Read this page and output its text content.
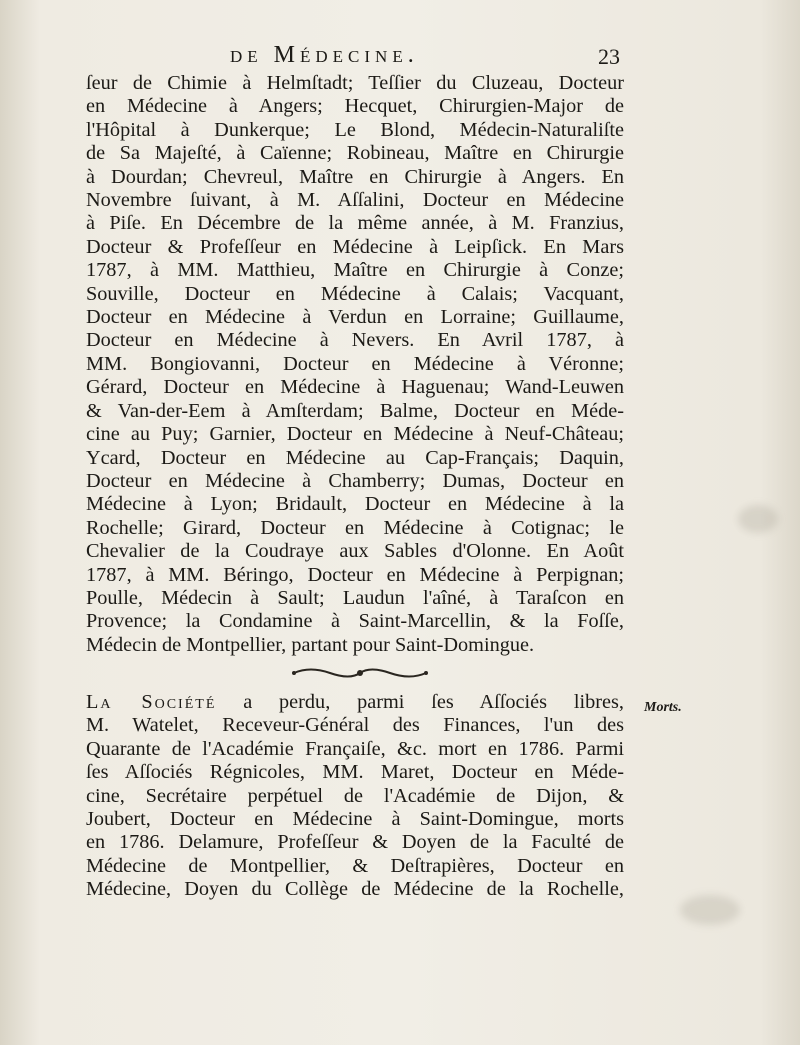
de Médecine.	23
ſeur de Chimie à Helmſtadt; Teſſier du Cluzeau, Docteur
en Médecine à Angers; Hecquet, Chirurgien-Major de
l'Hôpital à Dunkerque; Le Blond, Médecin-Naturaliſte
de Sa Majeſté, à Caïenne; Robineau, Maître en Chirurgie
à Dourdan; Chevreul, Maître en Chirurgie à Angers. En
Novembre ſuivant, à M. Aſſalini, Docteur en Médecine
à Piſe. En Décembre de la même année, à M. Franzius,
Docteur & Profeſſeur en Médecine à Leipſick. En Mars
1787, à MM. Matthieu, Maître en Chirurgie à Conze;
Souville, Docteur en Médecine à Calais; Vacquant,
Docteur en Médecine à Verdun en Lorraine; Guillaume,
Docteur en Médecine à Nevers. En Avril 1787, à
MM. Bongiovanni, Docteur en Médecine à Véronne;
Gérard, Docteur en Médecine à Haguenau; Wand-Leuwen
& Van-der-Eem à Amſterdam; Balme, Docteur en Méde-
cine au Puy; Garnier, Docteur en Médecine à Neuf-Château;
Ycard, Docteur en Médecine au Cap-Français; Daquin,
Docteur en Médecine à Chamberry; Dumas, Docteur en
Médecine à Lyon; Bridault, Docteur en Médecine à la
Rochelle; Girard, Docteur en Médecine à Cotignac; le
Chevalier de la Coudraye aux Sables d'Olonne. En Août
1787, à MM. Béringo, Docteur en Médecine à Perpignan;
Poulle, Médecin à Sault; Laudun l'aîné, à Taraſcon en
Provence; la Condamine à Saint-Marcellin, & la Foſſe,
Médecin de Montpellier, partant pour Saint-Domingue.
La Société a perdu, parmi ſes Aſſociés libres,
M. Watelet, Receveur-Général des Finances, l'un des
Quarante de l'Académie Françaiſe, &c. mort en 1786. Parmi
ſes Aſſociés Régnicoles, MM. Maret, Docteur en Méde-
cine, Secrétaire perpétuel de l'Académie de Dijon, &
Joubert, Docteur en Médecine à Saint-Domingue, morts
en 1786. Delamure, Profeſſeur & Doyen de la Faculté de
Médecine de Montpellier, & Deſtrapières, Docteur en
Médecine, Doyen du Collège de Médecine de la Rochelle,
Morts.
